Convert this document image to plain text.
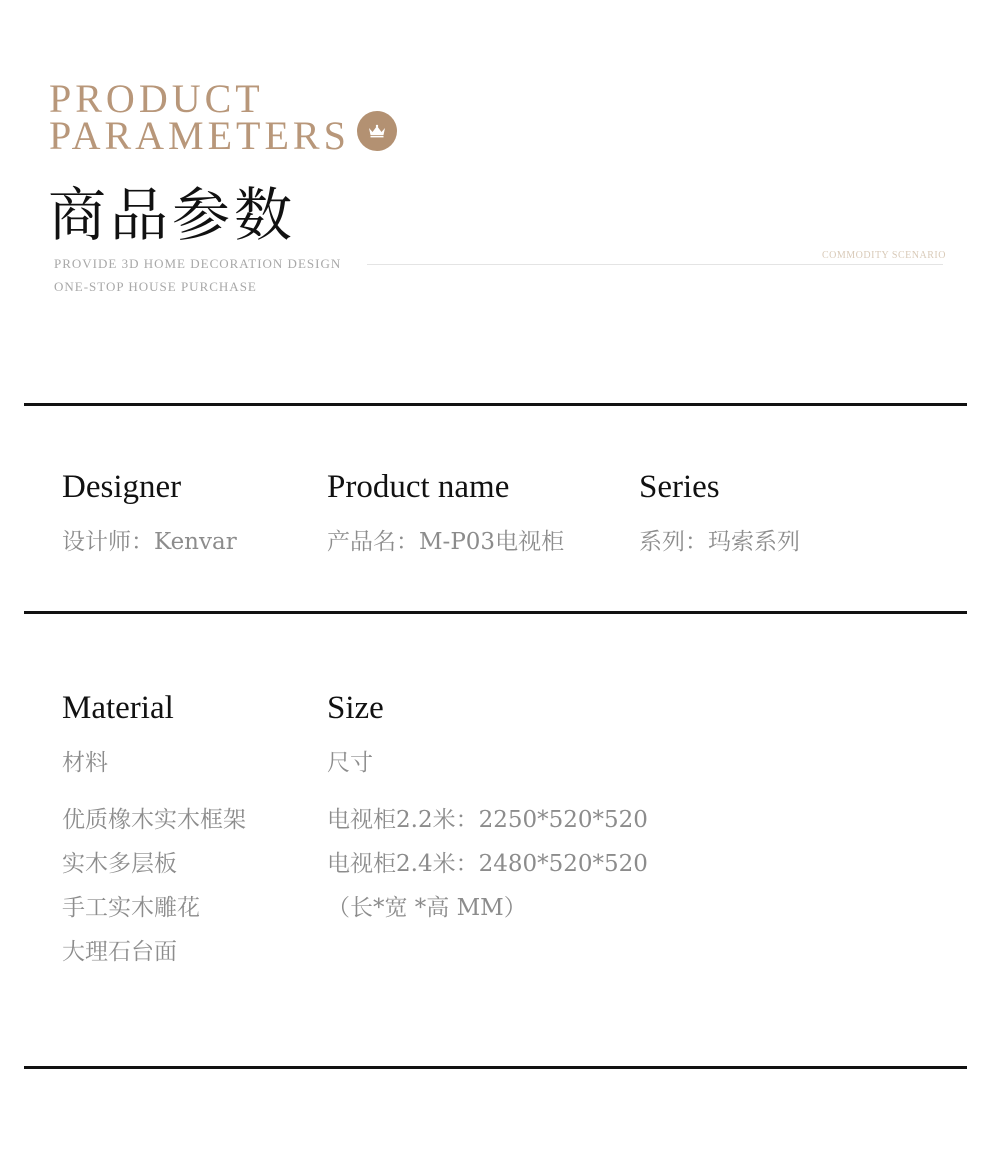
PRODUCT
PARAMETERS
商品参数
PROVIDE 3D HOME DECORATION DESIGN
ONE-STOP HOUSE PURCHASE
COMMODITY SCENARIO
Designer
设计师：Kenvar
Product name
产品名：M-P03电视柜
Series
系列：玛索系列
Material
材料
优质橡木实木框架
实木多层板
手工实木雕花
大理石台面
Size
尺寸
电视柜2.2米：2250*520*520
电视柜2.4米：2480*520*520
（长*宽 *高 MM）
